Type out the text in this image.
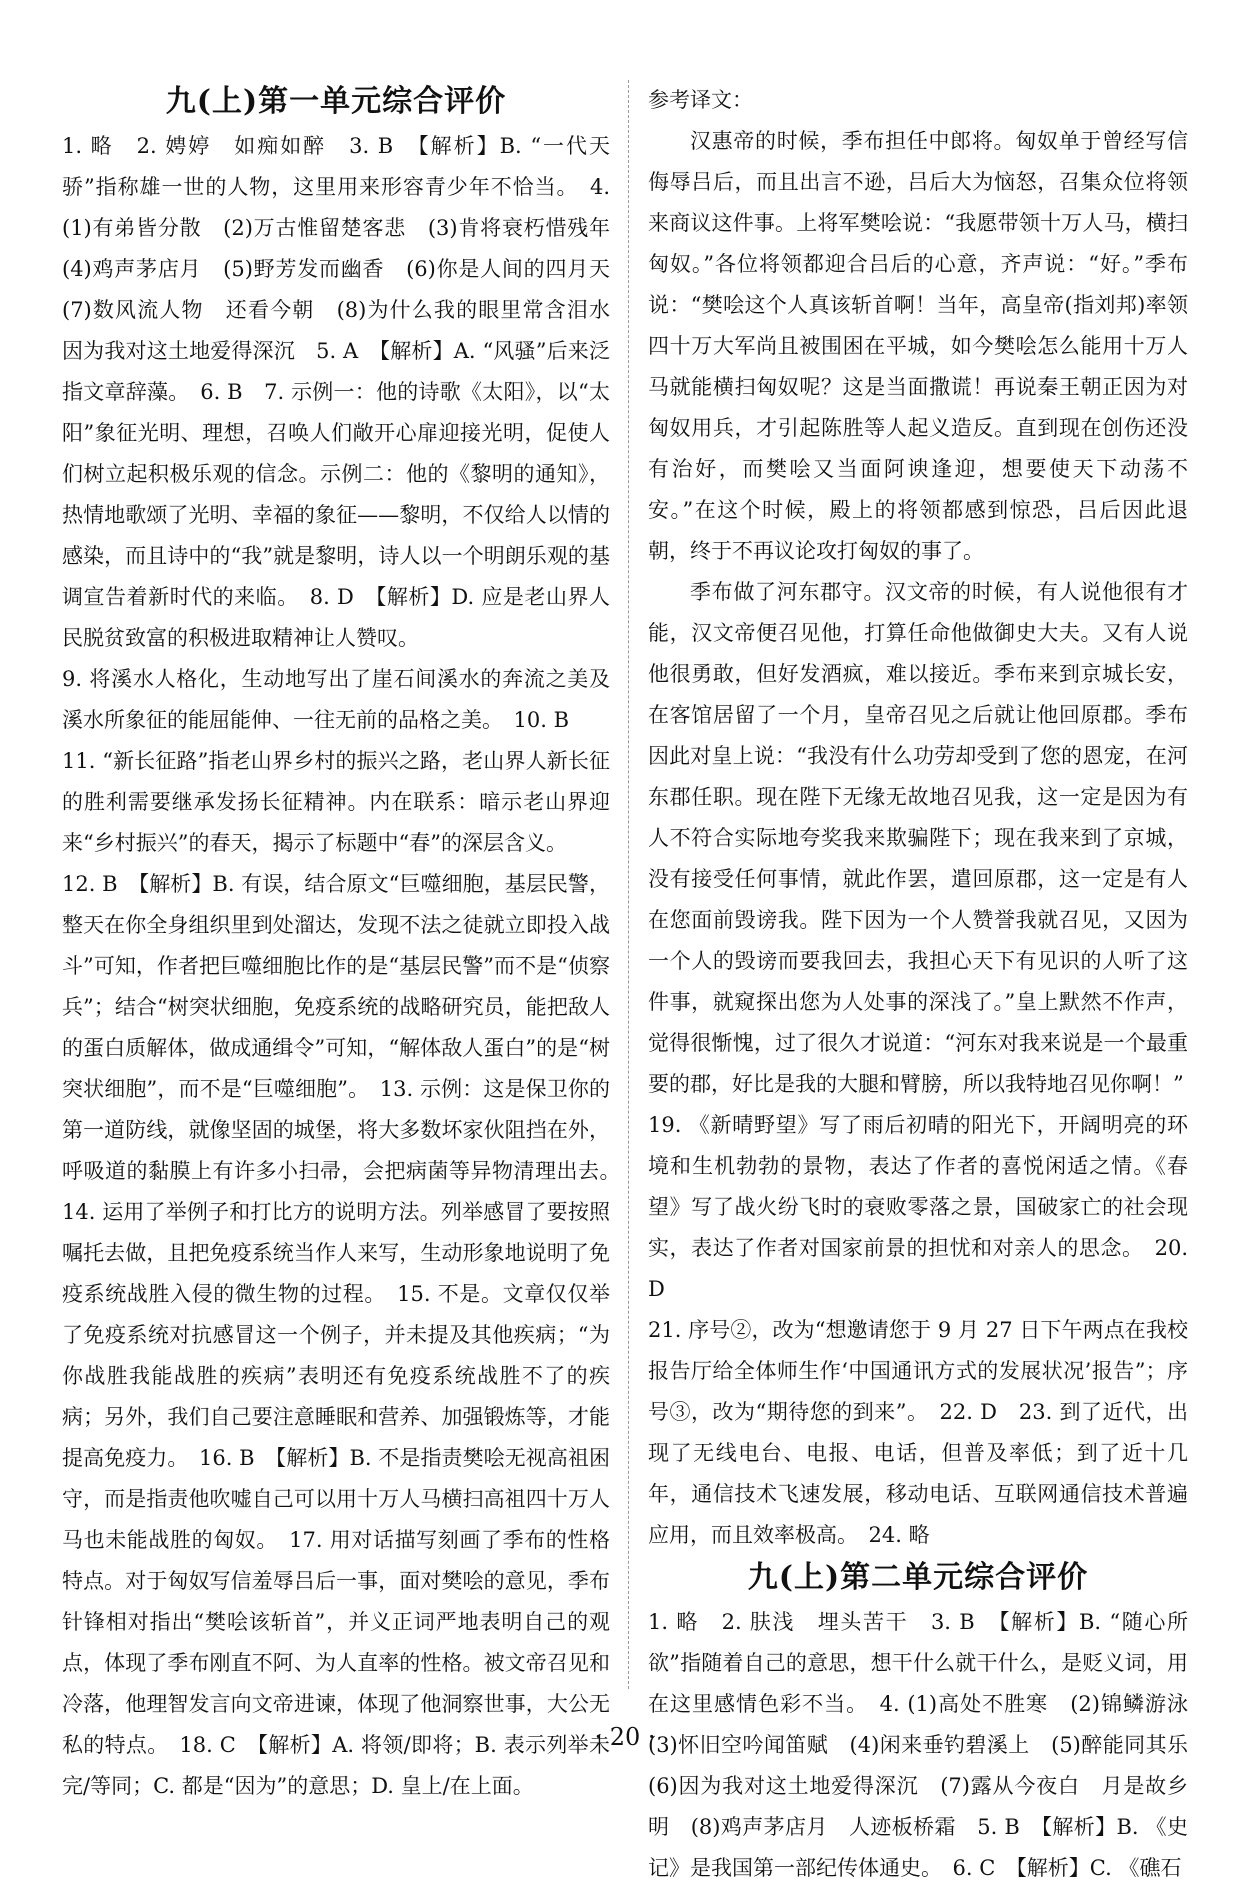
九(上)第一单元综合评价

1. 略　2. 娉婷　如痴如醉　3. B　【解析】B. “一代天骄”指称雄一世的人物，这里用来形容青少年不恰当。　4. (1)有弟皆分散　(2)万古惟留楚客悲　(3)肯将衰朽惜残年　(4)鸡声茅店月　(5)野芳发而幽香　(6)你是人间的四月天　(7)数风流人物　还看今朝　(8)为什么我的眼里常含泪水　因为我对这土地爱得深沉　5. A　【解析】A. “风骚”后来泛指文章辞藻。　6. B　7. 示例一：他的诗歌《太阳》，以“太阳”象征光明、理想，召唤人们敞开心扉迎接光明，促使人们树立起积极乐观的信念。示例二：他的《黎明的通知》，热情地歌颂了光明、幸福的象征——黎明，不仅给人以情的感染，而且诗中的“我”就是黎明，诗人以一个明朗乐观的基调宣告着新时代的来临。　8. D　【解析】D. 应是老山界人民脱贫致富的积极进取精神让人赞叹。

9. 将溪水人格化，生动地写出了崖石间溪水的奔流之美及溪水所象征的能屈能伸、一往无前的品格之美。　10. B

11. “新长征路”指老山界乡村的振兴之路，老山界人新长征的胜利需要继承发扬长征精神。内在联系：暗示老山界迎来“乡村振兴”的春天，揭示了标题中“春”的深层含义。

12. B　【解析】B. 有误，结合原文“巨噬细胞，基层民警，整天在你全身组织里到处溜达，发现不法之徒就立即投入战斗”可知，作者把巨噬细胞比作的是“基层民警”而不是“侦察兵”；结合“树突状细胞，免疫系统的战略研究员，能把敌人的蛋白质解体，做成通缉令”可知，“解体敌人蛋白”的是“树突状细胞”，而不是“巨噬细胞”。　13. 示例：这是保卫你的第一道防线，就像坚固的城堡，将大多数坏家伙阻挡在外，呼吸道的黏膜上有许多小扫帚，会把病菌等异物清理出去。　14. 运用了举例子和打比方的说明方法。列举感冒了要按照嘱托去做，且把免疫系统当作人来写，生动形象地说明了免疫系统战胜入侵的微生物的过程。　15. 不是。文章仅仅举了免疫系统对抗感冒这一个例子，并未提及其他疾病；“为你战胜我能战胜的疾病”表明还有免疫系统战胜不了的疾病；另外，我们自己要注意睡眠和营养、加强锻炼等，才能提高免疫力。　16. B　【解析】B. 不是指责樊哙无视高祖困守，而是指责他吹嘘自己可以用十万人马横扫高祖四十万人马也未能战胜的匈奴。　17. 用对话描写刻画了季布的性格特点。对于匈奴写信羞辱吕后一事，面对樊哙的意见，季布针锋相对指出“樊哙该斩首”，并义正词严地表明自己的观点，体现了季布刚直不阿、为人直率的性格。被文帝召见和冷落，他理智发言向文帝进谏，体现了他洞察世事，大公无私的特点。　18. C　【解析】A. 将领/即将；B. 表示列举未完/等同；C. 都是“因为”的意思；D. 皇上/在上面。

参考译文：

汉惠帝的时候，季布担任中郎将。匈奴单于曾经写信侮辱吕后，而且出言不逊，吕后大为恼怒，召集众位将领来商议这件事。上将军樊哙说：“我愿带领十万人马，横扫匈奴。”各位将领都迎合吕后的心意，齐声说：“好。”季布说：“樊哙这个人真该斩首啊！当年，高皇帝(指刘邦)率领四十万大军尚且被围困在平城，如今樊哙怎么能用十万人马就能横扫匈奴呢？这是当面撒谎！再说秦王朝正因为对匈奴用兵，才引起陈胜等人起义造反。直到现在创伤还没有治好，而樊哙又当面阿谀逢迎，想要使天下动荡不安。”在这个时候，殿上的将领都感到惊恐，吕后因此退朝，终于不再议论攻打匈奴的事了。

季布做了河东郡守。汉文帝的时候，有人说他很有才能，汉文帝便召见他，打算任命他做御史大夫。又有人说他很勇敢，但好发酒疯，难以接近。季布来到京城长安，在客馆居留了一个月，皇帝召见之后就让他回原郡。季布因此对皇上说：“我没有什么功劳却受到了您的恩宠，在河东郡任职。现在陛下无缘无故地召见我，这一定是因为有人不符合实际地夸奖我来欺骗陛下；现在我来到了京城，没有接受任何事情，就此作罢，遣回原郡，这一定是有人在您面前毁谤我。陛下因为一个人赞誉我就召见，又因为一个人的毁谤而要我回去，我担心天下有见识的人听了这件事，就窥探出您为人处事的深浅了。”皇上默然不作声，觉得很惭愧，过了很久才说道：“河东对我来说是一个最重要的郡，好比是我的大腿和臂膀，所以我特地召见你啊！”

19. 《新晴野望》写了雨后初晴的阳光下，开阔明亮的环境和生机勃勃的景物，表达了作者的喜悦闲适之情。《春望》写了战火纷飞时的衰败零落之景，国破家亡的社会现实，表达了作者对国家前景的担忧和对亲人的思念。　20. D

21. 序号②，改为“想邀请您于 9 月 27 日下午两点在我校报告厅给全体师生作‘中国通讯方式的发展状况’报告”；序号③，改为“期待您的到来”。　22. D　23. 到了近代，出现了无线电台、电报、电话，但普及率低；到了近十几年，通信技术飞速发展，移动电话、互联网通信技术普遍应用，而且效率极高。　24. 略

九(上)第二单元综合评价

1. 略　2. 肤浅　埋头苦干　3. B　【解析】B. “随心所欲”指随着自己的意思，想干什么就干什么，是贬义词，用在这里感情色彩不当。　4. (1)高处不胜寒　(2)锦鳞游泳　(3)怀旧空吟闻笛赋　(4)闲来垂钓碧溪上　(5)醉能同其乐　(6)因为我对这土地爱得深沉　(7)露从今夜白　月是故乡明　(8)鸡声茅店月　人迹板桥霜　5. B　【解析】B. 《史记》是我国第一部纪传体通史。　6. C　【解析】C. 《礁石

· 20 ·
